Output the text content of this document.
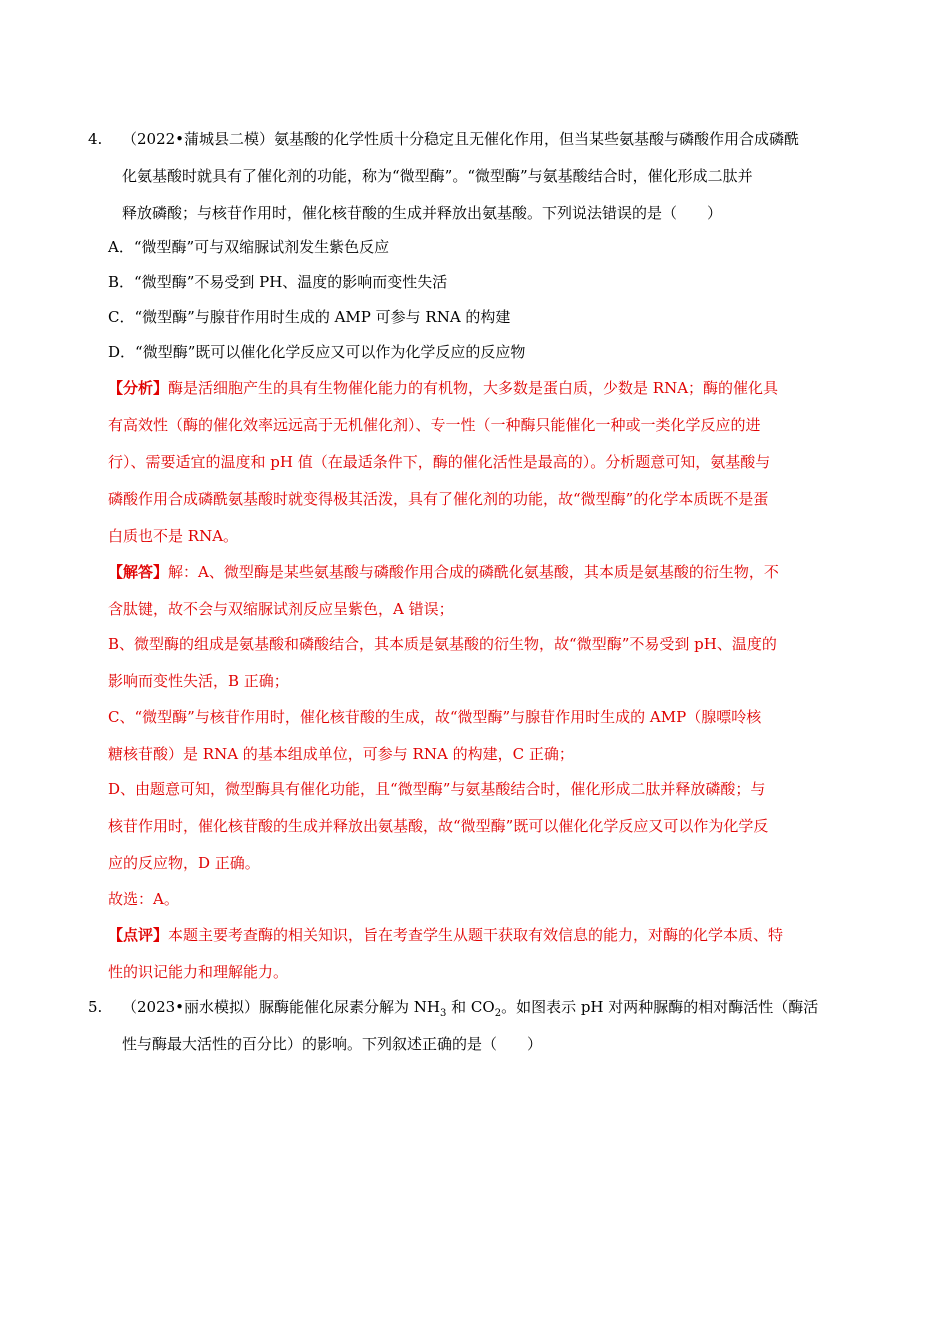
4. （2022•蒲城县二模）氨基酸的化学性质十分稳定且无催化作用，但当某些氨基酸与磷酸作用合成磷酰
化氨基酸时就具有了催化剂的功能，称为“微型酶”。“微型酶”与氨基酸结合时，催化形成二肽并
释放磷酸；与核苷作用时，催化核苷酸的生成并释放出氨基酸。下列说法错误的是（　　）
A．“微型酶”可与双缩脲试剂发生紫色反应
B．“微型酶”不易受到 PH、温度的影响而变性失活
C．“微型酶”与腺苷作用时生成的 AMP 可参与 RNA 的构建
D．“微型酶”既可以催化化学反应又可以作为化学反应的反应物
【分析】酶是活细胞产生的具有生物催化能力的有机物，大多数是蛋白质，少数是 RNA；酶的催化具
有高效性（酶的催化效率远远高于无机催化剂）、专一性（一种酶只能催化一种或一类化学反应的进
行）、需要适宜的温度和 pH 值（在最适条件下，酶的催化活性是最高的）。分析题意可知，氨基酸与
磷酸作用合成磷酰氨基酸时就变得极其活泼，具有了催化剂的功能，故“微型酶”的化学本质既不是蛋
白质也不是 RNA。
【解答】解：A、微型酶是某些氨基酸与磷酸作用合成的磷酰化氨基酸，其本质是氨基酸的衍生物，不
含肽键，故不会与双缩脲试剂反应呈紫色，A 错误；
B、微型酶的组成是氨基酸和磷酸结合，其本质是氨基酸的衍生物，故“微型酶”不易受到 pH、温度的
影响而变性失活，B 正确；
C、“微型酶”与核苷作用时，催化核苷酸的生成，故“微型酶”与腺苷作用时生成的 AMP（腺嘌呤核
糖核苷酸）是 RNA 的基本组成单位，可参与 RNA 的构建，C 正确；
D、由题意可知，微型酶具有催化功能，且“微型酶”与氨基酸结合时，催化形成二肽并释放磷酸；与
核苷作用时，催化核苷酸的生成并释放出氨基酸，故“微型酶”既可以催化化学反应又可以作为化学反
应的反应物，D 正确。
故选：A。
【点评】本题主要考查酶的相关知识，旨在考查学生从题干获取有效信息的能力，对酶的化学本质、特
性的识记能力和理解能力。
5. （2023•丽水模拟）脲酶能催化尿素分解为 $NH_3$ 和 $CO_2$。如图表示 pH 对两种脲酶的相对酶活性（酶活
性与酶最大活性的百分比）的影响。下列叙述正确的是（　　）
